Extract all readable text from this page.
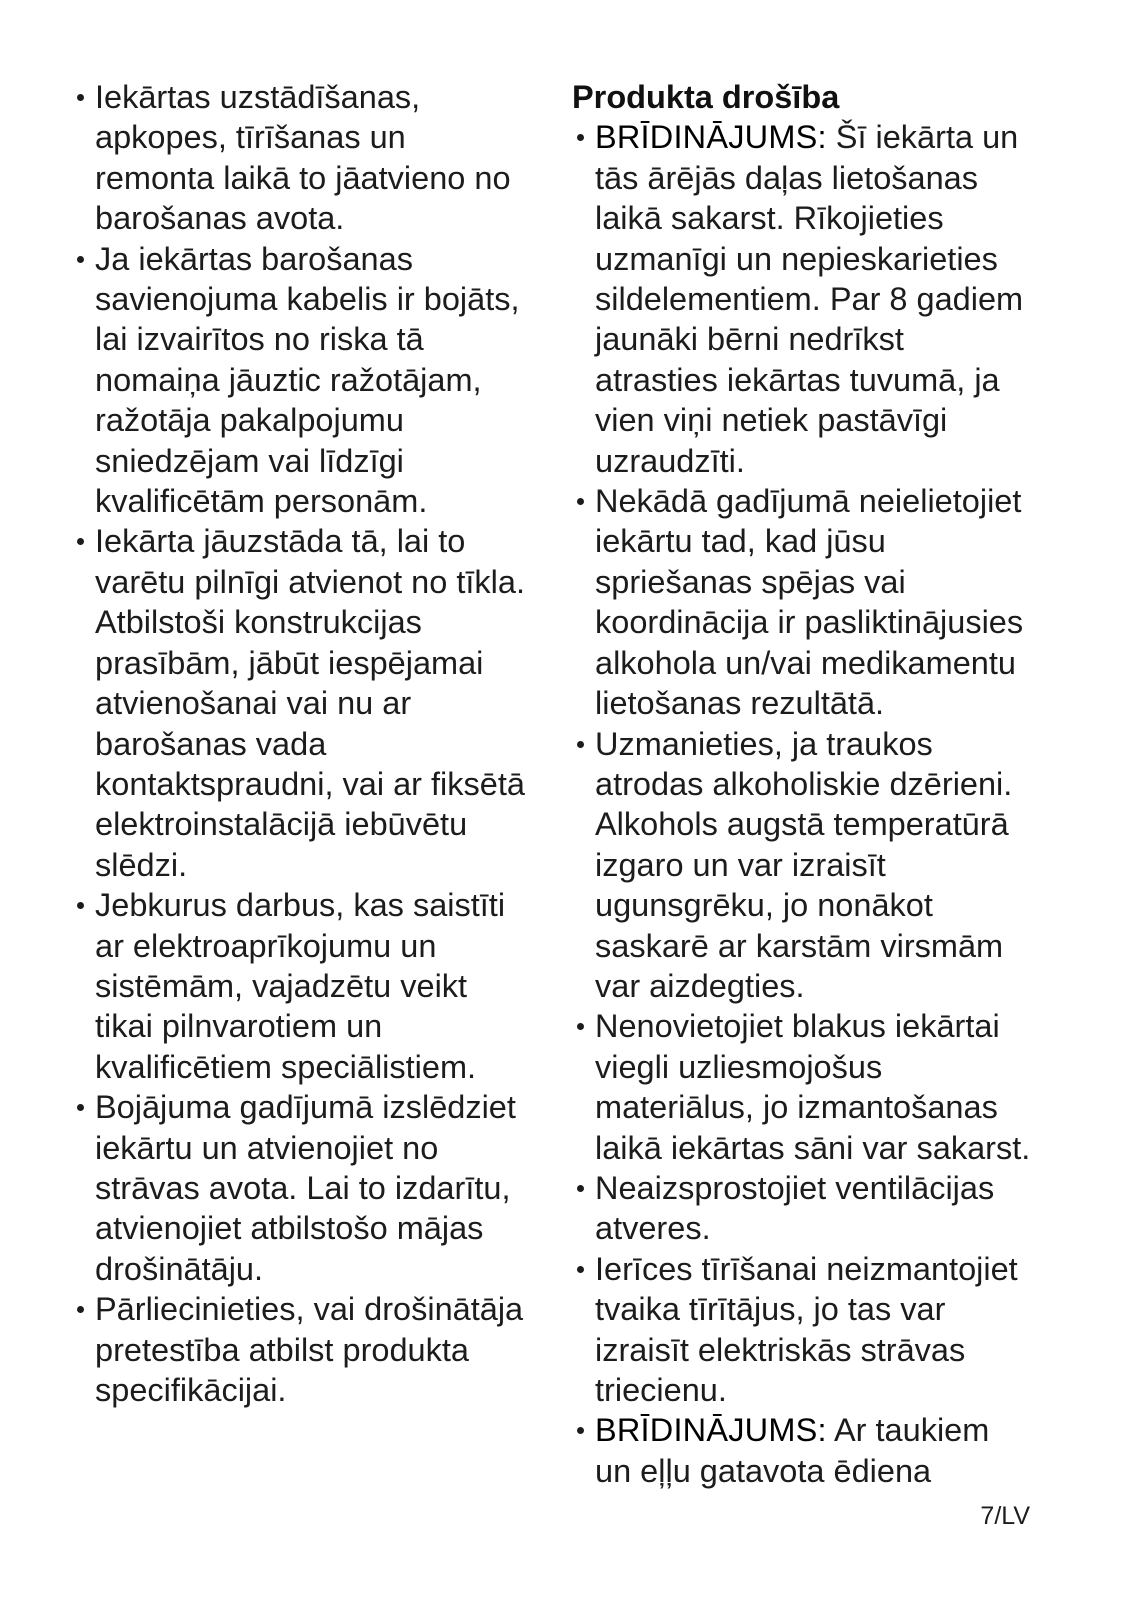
Iekārtas uzstādīšanas,
apkopes, tīrīšanas un
remonta laikā to jāatvieno no
barošanas avota.
Ja iekārtas barošanas
savienojuma kabelis ir bojāts,
lai izvairītos no riska tā
nomaiņa jāuztic ražotājam,
ražotāja pakalpojumu
sniedzējam vai līdzīgi
kvalificētām personām.
Iekārta jāuzstāda tā, lai to
varētu pilnīgi atvienot no tīkla.
Atbilstoši konstrukcijas
prasībām, jābūt iespējamai
atvienošanai vai nu ar
barošanas vada
kontaktspraudni, vai ar fiksētā
elektroinstalācijā iebūvētu
slēdzi.
Jebkurus darbus, kas saistīti
ar elektroaprīkojumu un
sistēmām, vajadzētu veikt
tikai pilnvarotiem un
kvalificētiem speciālistiem.
Bojājuma gadījumā izslēdziet
iekārtu un atvienojiet no
strāvas avota. Lai to izdarītu,
atvienojiet atbilstošo mājas
drošinātāju.
Pārliecinieties, vai drošinātāja
pretestība atbilst produkta
specifikācijai.
Produkta drošība
BRĪDINĀJUMS: Šī iekārta un
tās ārējās daļas lietošanas
laikā sakarst. Rīkojieties
uzmanīgi un nepieskarieties
sildelementiem. Par 8 gadiem
jaunāki bērni nedrīkst
atrasties iekārtas tuvumā, ja
vien viņi netiek pastāvīgi
uzraudzīti.
Nekādā gadījumā neielietojiet
iekārtu tad, kad jūsu
spriešanas spējas vai
koordinācija ir pasliktinājusies
alkohola un/vai medikamentu
lietošanas rezultātā.
Uzmanieties, ja traukos
atrodas alkoholiskie dzērieni.
Alkohols augstā temperatūrā
izgaro un var izraisīt
ugunsgrēku, jo nonākot
saskarē ar karstām virsmām
var aizdegties.
Nenovietojiet blakus iekārtai
viegli uzliesmojošus
materiālus, jo izmantošanas
laikā iekārtas sāni var sakarst.
Neaizsprostojiet ventilācijas
atveres.
Ierīces tīrīšanai neizmantojiet
tvaika tīrītājus, jo tas var
izraisīt elektriskās strāvas
triecienu.
BRĪDINĀJUMS: Ar taukiem
un eļļu gatavota ēdiena
7/LV
